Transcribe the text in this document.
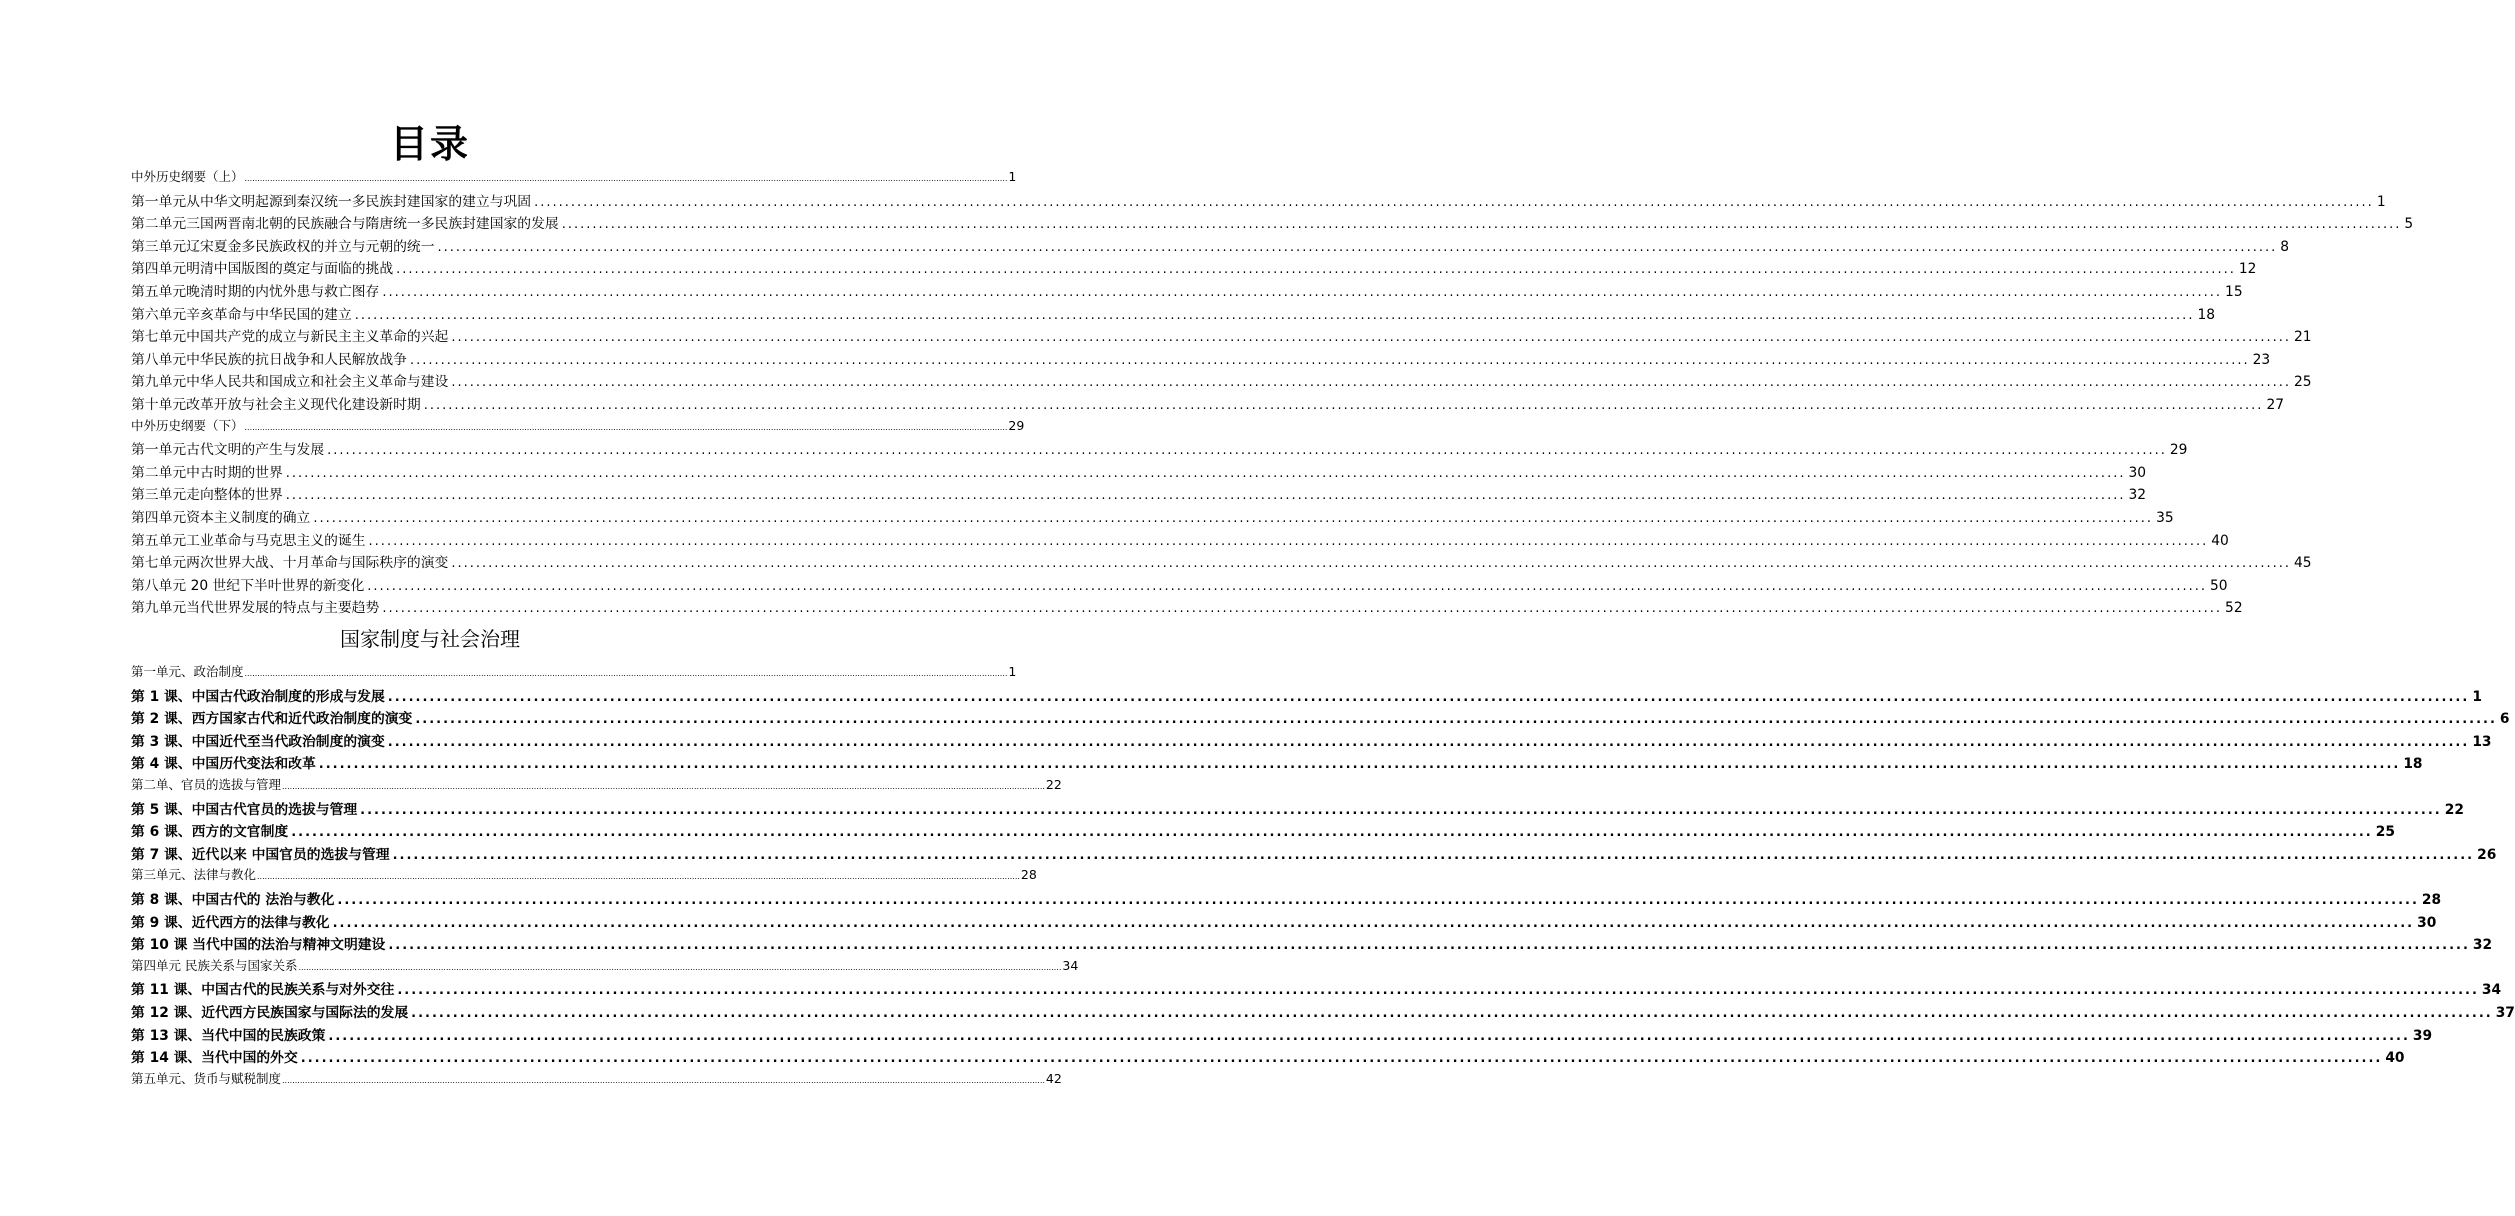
目录
中外历史纲要（上） ............................................................................................................................................................................................................................................................................................................ 1
第一单元从中华文明起源到秦汉统一多民族封建国家的建立与巩固 ............................................................................................................................................................................................................................................................................................................ 1
第二单元三国两晋南北朝的民族融合与隋唐统一多民族封建国家的发展 ............................................................................................................................................................................................................................................................................................................ 5
第三单元辽宋夏金多民族政权的并立与元朝的统一 ............................................................................................................................................................................................................................................................................................................ 8
第四单元明清中国版图的奠定与面临的挑战 ............................................................................................................................................................................................................................................................................................................ 12
第五单元晚清时期的内忧外患与救亡图存 ............................................................................................................................................................................................................................................................................................................ 15
第六单元辛亥革命与中华民国的建立 ............................................................................................................................................................................................................................................................................................................ 18
第七单元中国共产党的成立与新民主主义革命的兴起 ............................................................................................................................................................................................................................................................................................................ 21
第八单元中华民族的抗日战争和人民解放战争 ............................................................................................................................................................................................................................................................................................................ 23
第九单元中华人民共和国成立和社会主义革命与建设 ............................................................................................................................................................................................................................................................................................................ 25
第十单元改革开放与社会主义现代化建设新时期 ............................................................................................................................................................................................................................................................................................................ 27
中外历史纲要（下） ............................................................................................................................................................................................................................................................................................................ 29
第一单元古代文明的产生与发展 ............................................................................................................................................................................................................................................................................................................ 29
第二单元中古时期的世界 ............................................................................................................................................................................................................................................................................................................ 30
第三单元走向整体的世界 ............................................................................................................................................................................................................................................................................................................ 32
第四单元资本主义制度的确立 ............................................................................................................................................................................................................................................................................................................ 35
第五单元工业革命与马克思主义的诞生 ............................................................................................................................................................................................................................................................................................................ 40
第七单元两次世界大战、十月革命与国际秩序的演变 ............................................................................................................................................................................................................................................................................................................ 45
第八单元 20 世纪下半叶世界的新变化 ............................................................................................................................................................................................................................................................................................................ 50
第九单元当代世界发展的特点与主要趋势 ............................................................................................................................................................................................................................................................................................................ 52
国家制度与社会治理
第一单元、政治制度 ............................................................................................................................................................................................................................................................................................................ 1
第 1 课、中国古代政治制度的形成与发展 ............................................................................................................................................................................................................................................................................................................ 1
第 2 课、西方国家古代和近代政治制度的演变 ............................................................................................................................................................................................................................................................................................................ 6
第 3 课、中国近代至当代政治制度的演变 ............................................................................................................................................................................................................................................................................................................ 13
第 4 课、中国历代变法和改革 ............................................................................................................................................................................................................................................................................................................ 18
第二单、官员的选拔与管理 ............................................................................................................................................................................................................................................................................................................ 22
第 5 课、中国古代官员的选拔与管理 ............................................................................................................................................................................................................................................................................................................ 22
第 6 课、西方的文官制度 ............................................................................................................................................................................................................................................................................................................ 25
第 7 课、近代以来 中国官员的选拔与管理 ............................................................................................................................................................................................................................................................................................................ 26
第三单元、法律与教化 ............................................................................................................................................................................................................................................................................................................ 28
第 8 课、中国古代的 法治与教化 ............................................................................................................................................................................................................................................................................................................ 28
第 9 课、近代西方的法律与教化 ............................................................................................................................................................................................................................................................................................................ 30
第 10 课 当代中国的法治与精神文明建设 ............................................................................................................................................................................................................................................................................................................ 32
第四单元 民族关系与国家关系 ............................................................................................................................................................................................................................................................................................................ 34
第 11 课、中国古代的民族关系与对外交往 ............................................................................................................................................................................................................................................................................................................ 34
第 12 课、近代西方民族国家与国际法的发展 ............................................................................................................................................................................................................................................................................................................ 37
第 13 课、当代中国的民族政策 ............................................................................................................................................................................................................................................................................................................ 39
第 14 课、当代中国的外交 ............................................................................................................................................................................................................................................................................................................ 40
第五单元、货币与赋税制度 ............................................................................................................................................................................................................................................................................................................ 42
